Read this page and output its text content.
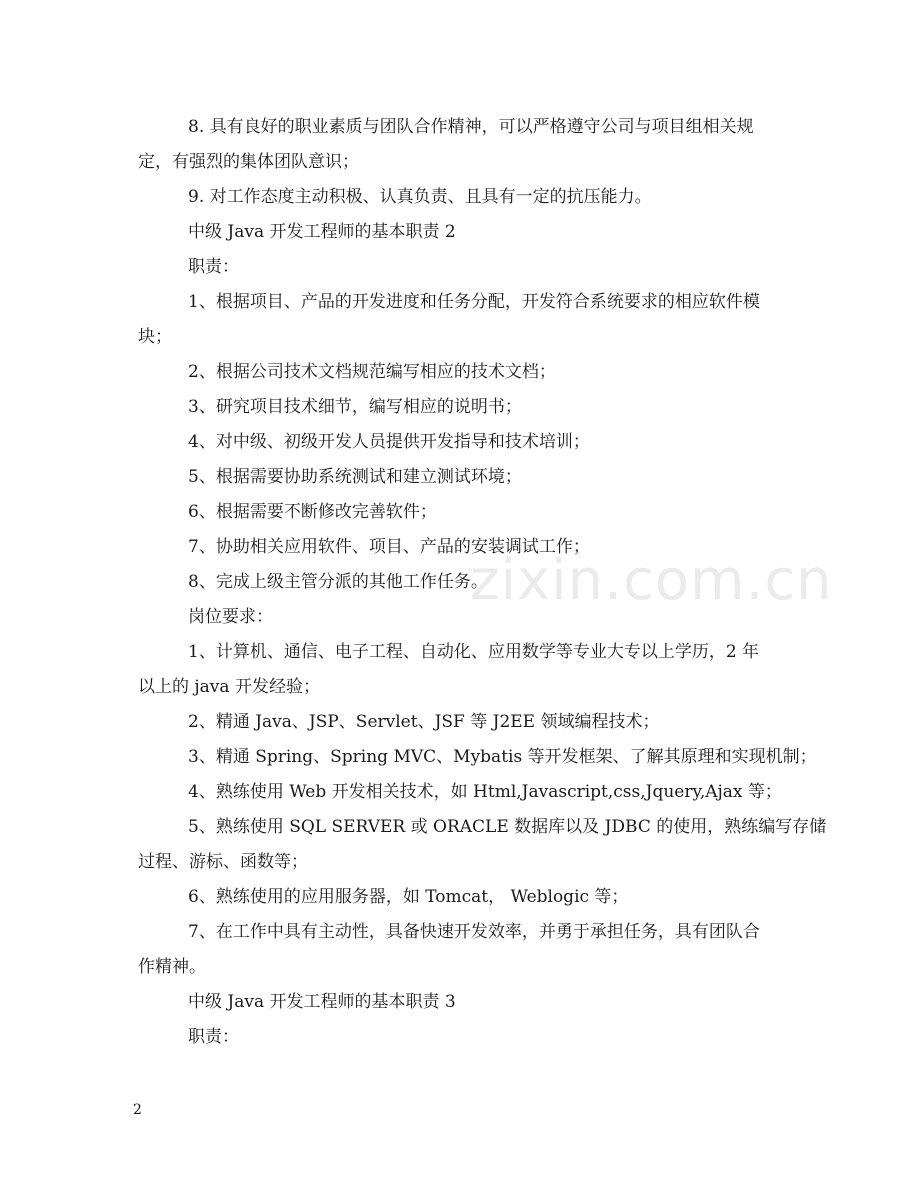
8. 具有良好的职业素质与团队合作精神，可以严格遵守公司与项目组相关规
定，有强烈的集体团队意识；
9. 对工作态度主动积极、认真负责、且具有一定的抗压能力。
中级 Java 开发工程师的基本职责 2
职责：
1、根据项目、产品的开发进度和任务分配，开发符合系统要求的相应软件模
块；
2、根据公司技术文档规范编写相应的技术文档；
3、研究项目技术细节，编写相应的说明书；
4、对中级、初级开发人员提供开发指导和技术培训；
5、根据需要协助系统测试和建立测试环境；
6、根据需要不断修改完善软件；
7、协助相关应用软件、项目、产品的安装调试工作；
8、完成上级主管分派的其他工作任务。
岗位要求：
1、计算机、通信、电子工程、自动化、应用数学等专业大专以上学历，2 年
以上的 java 开发经验；
2、精通 Java、JSP、Servlet、JSF 等 J2EE 领域编程技术；
3、精通 Spring、Spring MVC、Mybatis 等开发框架、了解其原理和实现机制；
4、熟练使用 Web 开发相关技术，如 Html,Javascript,css,Jquery,Ajax 等；
5、熟练使用 SQL SERVER 或 ORACLE 数据库以及 JDBC 的使用，熟练编写存储
过程、游标、函数等；
6、熟练使用的应用服务器，如 Tomcat， Weblogic 等；
7、在工作中具有主动性，具备快速开发效率，并勇于承担任务，具有团队合
作精神。
中级 Java 开发工程师的基本职责 3
职责：
zixin.com.cn
2
